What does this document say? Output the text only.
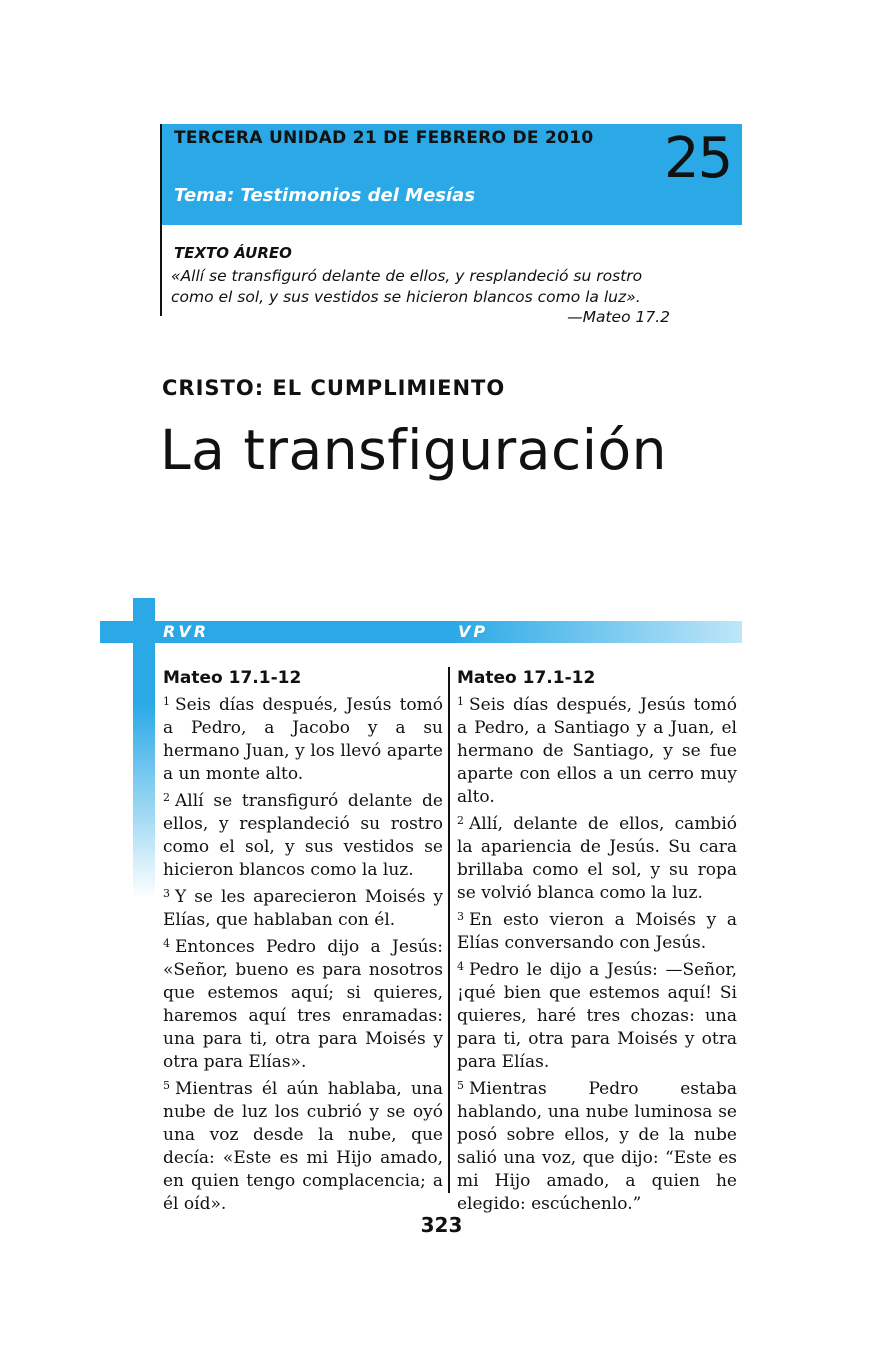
TERCERA UNIDAD 21 DE FEBRERO DE 2010 25
Tema: Testimonios del Mesías
TEXTO ÁUREO
«Allí se transfiguró delante de ellos, y resplandeció su rostro como el sol, y sus vestidos se hicieron blancos como la luz».
—Mateo 17.2
CRISTO: EL CUMPLIMIENTO
La transfiguración
RVR	VP
Mateo 17.1-12

$^1$ Seis días después, Jesús tomó a Pedro, a Jacobo y a su hermano Juan, y los llevó aparte a un monte alto.

$^2$ Allí se transfiguró delante de ellos, y resplandeció su rostro como el sol, y sus vestidos se hicieron blancos como la luz.

$^3$ Y se les aparecieron Moisés y Elías, que hablaban con él.

$^4$ Entonces Pedro dijo a Jesús: «Señor, bueno es para nosotros que estemos aquí; si quieres, haremos aquí tres enramadas: una para ti, otra para Moisés y otra para Elías».

$^5$ Mientras él aún hablaba, una nube de luz los cubrió y se oyó una voz desde la nube, que decía: «Este es mi Hijo amado, en quien tengo complacencia; a él oíd».

Mateo 17.1-12

$^1$ Seis días después, Jesús tomó a Pedro, a Santiago y a Juan, el hermano de Santiago, y se fue aparte con ellos a un cerro muy alto.

$^2$ Allí, delante de ellos, cambió la apariencia de Jesús. Su cara brillaba como el sol, y su ropa se volvió blanca como la luz.

$^3$ En esto vieron a Moisés y a Elías conversando con Jesús.

$^4$ Pedro le dijo a Jesús: —Señor, ¡qué bien que estemos aquí! Si quieres, haré tres chozas: una para ti, otra para Moisés y otra para Elías.

$^5$ Mientras Pedro estaba hablando, una nube luminosa se posó sobre ellos, y de la nube salió una voz, que dijo: “Este es mi Hijo amado, a quien he elegido: escúchenlo.”

323
